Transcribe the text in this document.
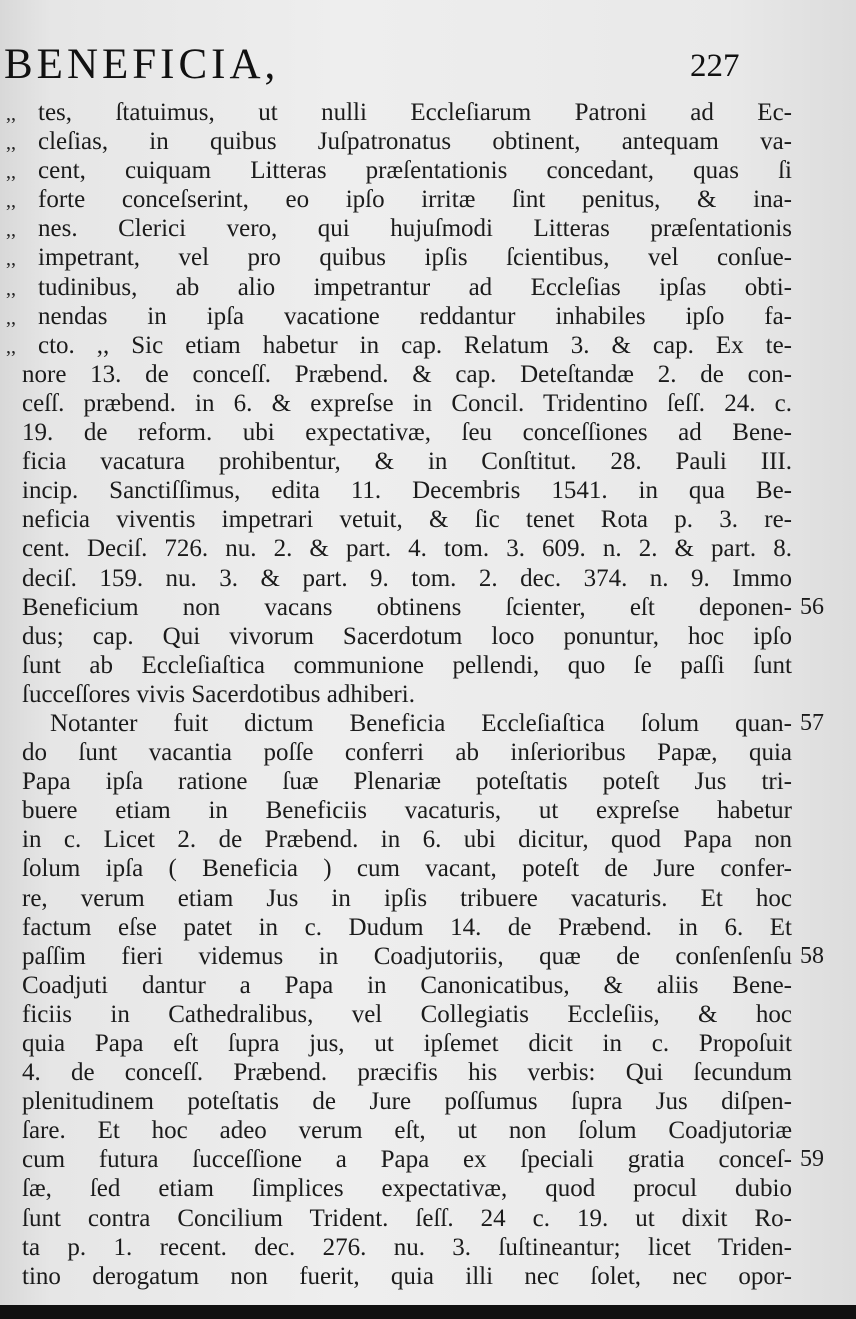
BENEFICIA,	227
,, tes, ſtatuimus, ut nulli Eccleſiarum Patroni ad Ec-
,, cleſias, in quibus Juſpatronatus obtinent, antequam va-
,, cent, cuiquam Litteras præſentationis concedant, quas ſi
,, forte conceſserint, eo ipſo irritæ ſint penitus, & ina-
,, nes. Clerici vero, qui hujuſmodi Litteras præſentationis
,, impetrant, vel pro quibus ipſis ſcientibus, vel conſue-
,, tudinibus, ab alio impetrantur ad Eccleſias ipſas obti-
,, nendas in ipſa vacatione reddantur inhabiles ipſo fa-
,, cto. ,, Sic etiam habetur in cap. Relatum 3. & cap. Ex te-
nore 13. de conceſſ. Præbend. & cap. Deteſtandæ 2. de con-
ceſſ. præbend. in 6. & expreſse in Concil. Tridentino ſeſſ. 24. c.
19. de reform. ubi expectativæ, ſeu conceſſiones ad Bene-
ficia vacatura prohibentur, & in Conſtitut. 28. Pauli III.
incip. Sanctiſſimus, edita 11. Decembris 1541. in qua Be-
neficia viventis impetrari vetuit, & ſic tenet Rota p. 3. re-
cent. Deciſ. 726. nu. 2. & part. 4. tom. 3. 609. n. 2. & part. 8.
deciſ. 159. nu. 3. & part. 9. tom. 2. dec. 374. n. 9. Immo
Beneficium non vacans obtinens ſcienter, eſt deponen- 56
dus; cap. Qui vivorum Sacerdotum loco ponuntur, hoc ipſo
ſunt ab Eccleſiaſtica communione pellendi, quo ſe paſſi ſunt
ſucceſſores vivis Sacerdotibus adhiberi.
Notanter fuit dictum Beneficia Eccleſiaſtica ſolum quan- 57
do ſunt vacantia poſſe conferri ab inſerioribus Papæ, quia
Papa ipſa ratione ſuæ Plenariæ poteſtatis poteſt Jus tri-
buere etiam in Beneficiis vacaturis, ut expreſse habetur
in c. Licet 2. de Præbend. in 6. ubi dicitur, quod Papa non
ſolum ipſa ( Beneficia ) cum vacant, poteſt de Jure confer-
re, verum etiam Jus in ipſis tribuere vacaturis. Et hoc
factum eſse patet in c. Dudum 14. de Præbend. in 6. Et
paſſim fieri videmus in Coadjutoriis, quæ de conſenſenſu 58
Coadjuti dantur a Papa in Canonicatibus, & aliis Bene-
ficiis in Cathedralibus, vel Collegiatis Eccleſiis, & hoc
quia Papa eſt ſupra jus, ut ipſemet dicit in c. Propoſuit
4. de conceſſ. Præbend. præcifis his verbis: Qui ſecundum
plenitudinem poteſtatis de Jure poſſumus ſupra Jus diſpen-
ſare. Et hoc adeo verum eſt, ut non ſolum Coadjutoriæ
cum futura ſucceſſione a Papa ex ſpeciali gratia conceſ- 59
ſæ, ſed etiam ſimplices expectativæ, quod procul dubio
ſunt contra Concilium Trident. ſeſſ. 24 c. 19. ut dixit Ro-
ta p. 1. recent. dec. 276. nu. 3. ſuſtineantur; licet Triden-
tino derogatum non fuerit, quia illi nec ſolet, nec opor-
